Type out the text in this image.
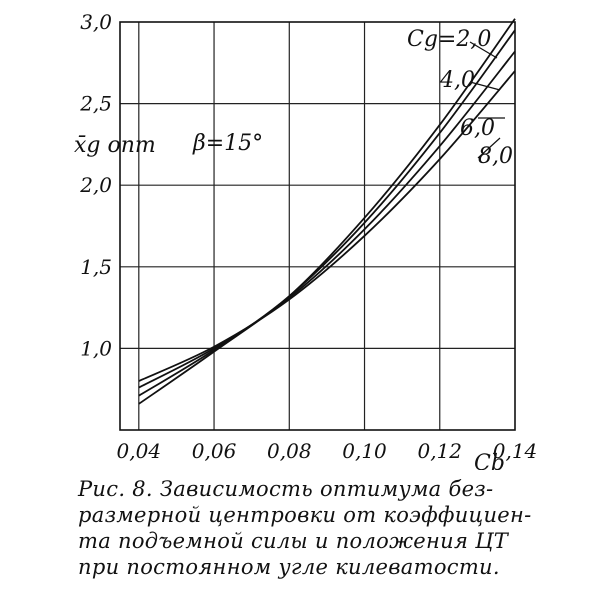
0,04 0,06 0,08 0,10 0,12 0,14
1,0
1,5
2,0
2,5
3,0
x̄g опт
Cb
β=15°
Cg=2,0
4,0
6,0
8,0
Рис. 8. Зависимость оптимума без-
размерной центровки от коэффициен-
та подъемной силы и положения ЦТ
при постоянном угле килеватости.
